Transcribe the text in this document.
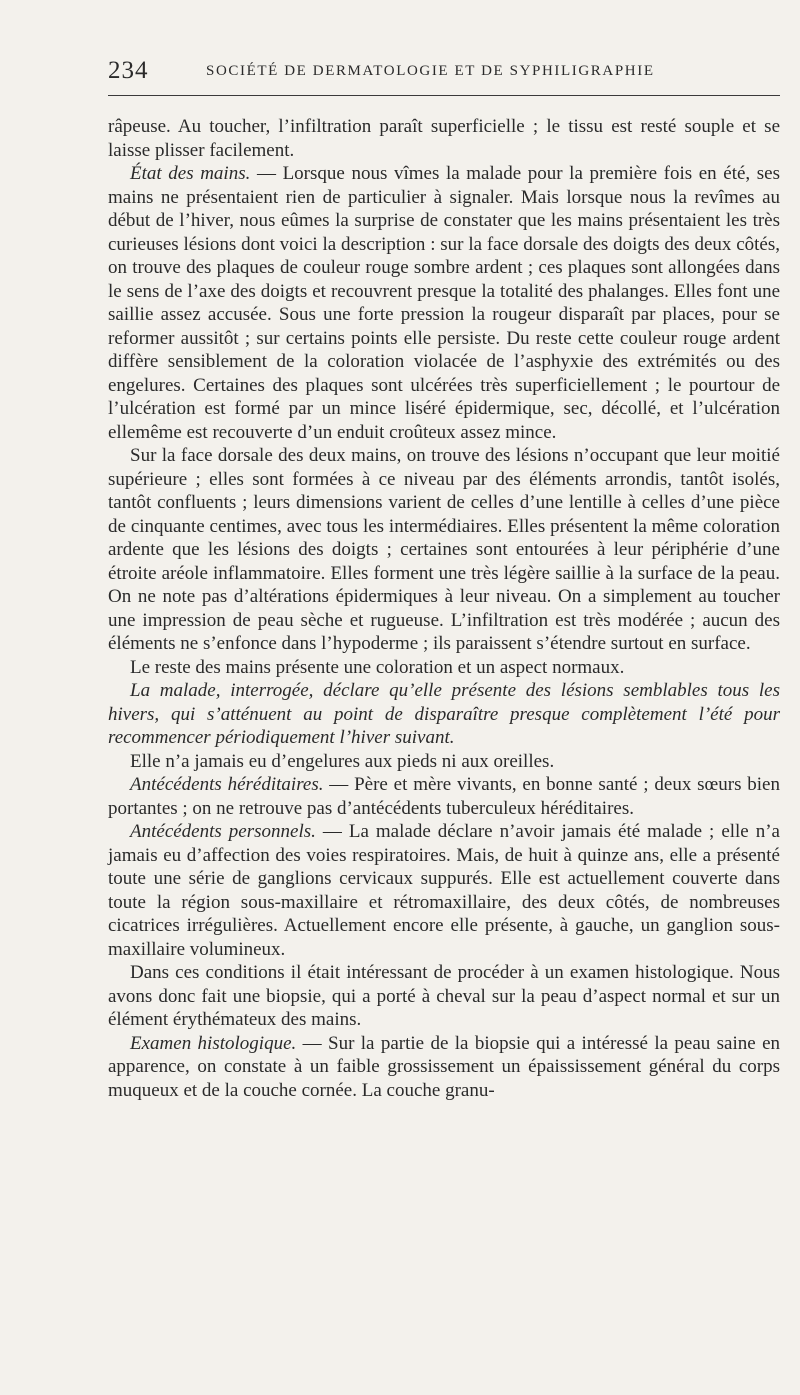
234	SOCIÉTÉ DE DERMATOLOGIE ET DE SYPHILIGRAPHIE

râpeuse. Au toucher, l’infiltration paraît superficielle ; le tissu est resté souple et se laisse plisser facilement.

État des mains. — Lorsque nous vîmes la malade pour la première fois en été, ses mains ne présentaient rien de particulier à signaler. Mais lorsque nous la revîmes au début de l’hiver, nous eûmes la surprise de constater que les mains présentaient les très curieuses lésions dont voici la description : sur la face dorsale des doigts des deux côtés, on trouve des plaques de couleur rouge sombre ardent ; ces plaques sont allongées dans le sens de l’axe des doigts et recouvrent presque la totalité des phalanges. Elles font une saillie assez accusée. Sous une forte pression la rougeur disparaît par places, pour se reformer aussitôt ; sur certains points elle persiste. Du reste cette couleur rouge ardent diffère sensiblement de la coloration violacée de l’asphyxie des extrémités ou des engelures. Certaines des plaques sont ulcérées très superficiellement ; le pourtour de l’ulcération est formé par un mince liséré épidermique, sec, décollé, et l’ulcération ellemême est recouverte d’un enduit croûteux assez mince.

Sur la face dorsale des deux mains, on trouve des lésions n’occupant que leur moitié supérieure ; elles sont formées à ce niveau par des éléments arrondis, tantôt isolés, tantôt confluents ; leurs dimensions varient de celles d’une lentille à celles d’une pièce de cinquante centimes, avec tous les intermédiaires. Elles présentent la même coloration ardente que les lésions des doigts ; certaines sont entourées à leur périphérie d’une étroite aréole inflammatoire. Elles forment une très légère saillie à la surface de la peau. On ne note pas d’altérations épidermiques à leur niveau. On a simplement au toucher une impression de peau sèche et rugueuse. L’infiltration est très modérée ; aucun des éléments ne s’enfonce dans l’hypoderme ; ils paraissent s’étendre surtout en surface.

Le reste des mains présente une coloration et un aspect normaux.

La malade, interrogée, déclare qu’elle présente des lésions semblables tous les hivers, qui s’atténuent au point de disparaître presque complètement l’été pour recommencer périodiquement l’hiver suivant.

Elle n’a jamais eu d’engelures aux pieds ni aux oreilles.

Antécédents héréditaires. — Père et mère vivants, en bonne santé ; deux sœurs bien portantes ; on ne retrouve pas d’antécédents tuberculeux héréditaires.

Antécédents personnels. — La malade déclare n’avoir jamais été malade ; elle n’a jamais eu d’affection des voies respiratoires. Mais, de huit à quinze ans, elle a présenté toute une série de ganglions cervicaux suppurés. Elle est actuellement couverte dans toute la région sous-maxillaire et rétromaxillaire, des deux côtés, de nombreuses cicatrices irrégulières. Actuellement encore elle présente, à gauche, un ganglion sous-maxillaire volumineux.

Dans ces conditions il était intéressant de procéder à un examen histologique. Nous avons donc fait une biopsie, qui a porté à cheval sur la peau d’aspect normal et sur un élément érythémateux des mains.

Examen histologique. — Sur la partie de la biopsie qui a intéressé la peau saine en apparence, on constate à un faible grossissement un épaississement général du corps muqueux et de la couche cornée. La couche granu-
